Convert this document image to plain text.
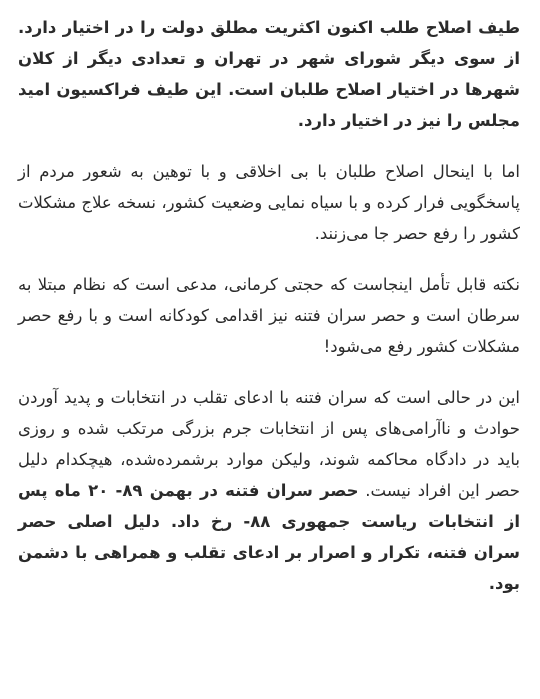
طیف اصلاح طلب اکنون اکثریت مطلق دولت را در اختیار دارد. از سوی دیگر شورای شهر در تهران و تعدادی دیگر از کلان شهرها در اختیار اصلاح طلبان است. این طیف فراکسیون امید مجلس را نیز در اختیار دارد.

اما با اینحال اصلاح طلبان با بی اخلاقی و با توهین به شعور مردم از پاسخگویی فرار کرده و با سیاه نمایی وضعیت کشور، نسخه علاج مشکلات کشور را رفع حصر جا می‌زنند.

نکته قابل تأمل اینجاست که حجتی کرمانی، مدعی است که نظام مبتلا به سرطان است و حصر سران فتنه نیز اقدامی کودکانه است و با رفع حصر مشکلات کشور رفع می‌شود!

این در حالی است که سران فتنه با ادعای تقلب در انتخابات و پدید آوردن حوادث و ناآرامی‌های پس از انتخابات جرم بزرگی مرتکب شده و روزی باید در دادگاه محاکمه شوند، ولیکن موارد برشمرده‌شده، هیچکدام دلیل حصر این افراد نیست. حصر سران فتنه در بهمن ۸۹- ۲۰ ماه پس از انتخابات ریاست جمهوری ۸۸- رخ داد. دلیل اصلی حصر سران فتنه، تکرار و اصرار بر ادعای تقلب و همراهی با دشمن بود.
